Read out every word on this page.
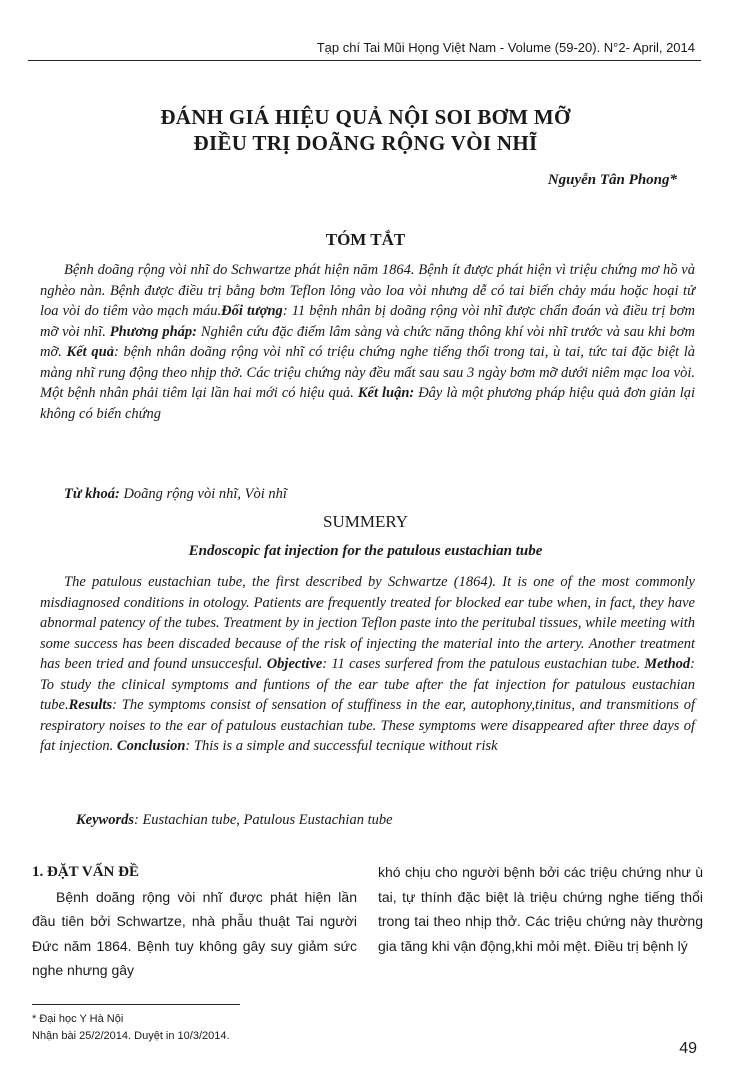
Tạp chí Tai Mũi Họng Việt Nam - Volume (59-20). N°2- April, 2014
ĐÁNH GIÁ HIỆU QUẢ NỘI SOI BƠM MỠ
ĐIỀU TRỊ DOÃNG RỘNG VÒI NHĨ
Nguyễn Tân Phong*
TÓM TẮT
Bệnh doãng rộng vòi nhĩ do Schwartze phát hiện năm 1864. Bệnh ít được phát hiện vì triệu chứng mơ hồ và nghèo nàn. Bệnh được điều trị bằng bơm Teflon lỏng vào loa vòi nhưng dễ có tai biến chảy máu hoặc hoại tử loa vòi do tiêm vào mạch máu.Đối tượng: 11 bệnh nhân bị doãng rộng vòi nhĩ được chẩn đoán và điều trị bơm mỡ vòi nhĩ. Phương pháp: Nghiên cứu đặc điểm lâm sàng và chức năng thông khí vòi nhĩ trước và sau khi bơm mỡ. Kết quả: bệnh nhân doãng rộng vòi nhĩ có triệu chứng nghe tiếng thổi trong tai, ù tai, tức tai đặc biệt là màng nhĩ rung động theo nhịp thở. Các triệu chứng này đều mất sau sau 3 ngày bơm mỡ dưới niêm mạc loa vòi. Một bệnh nhân phải tiêm lại lần hai mới có hiệu quả. Kết luận: Đây là một phương pháp hiệu quả đơn giản lại không có biến chứng
Từ khoá: Doãng rộng vòi nhĩ, Vòi nhĩ
SUMMERY
Endoscopic fat injection for the patulous eustachian tube
The patulous eustachian tube, the first described by Schwartze (1864). It is one of the most commonly misdiagnosed conditions in otology. Patients are frequently treated for blocked ear tube when, in fact, they have abnormal patency of the tubes. Treatment by in jection Teflon paste into the peritubal tissues, while meeting with some success has been discaded because of the risk of injecting the material into the artery. Another treatment has been tried and found unsuccesful. Objective: 11 cases surfered from the patulous eustachian tube. Method: To study the clinical symptoms and funtions of the ear tube after the fat injection for patulous eustachian tube.Results: The symptoms consist of sensation of stuffiness in the ear, autophony,tinitus, and transmitions of respiratory noises to the ear of patulous eustachian tube. These symptoms were disappeared after three days of fat injection. Conclusion: This is a simple and successful tecnique without risk
Keywords: Eustachian tube, Patulous Eustachian tube
1. ĐẶT VẤN ĐỀ
Bệnh doãng rộng vòi nhĩ được phát hiện lần đầu tiên bởi Schwartze, nhà phẫu thuật Tai người Đức năm 1864. Bệnh tuy không gây suy giảm sức nghe nhưng gây
khó chịu cho người bệnh bởi các triệu chứng như ù tai, tự thính đặc biệt là triệu chứng nghe tiếng thổi trong tai theo nhịp thở. Các triệu chứng này thường gia tăng khi vận động,khi mỏi mệt. Điều trị bệnh lý
* Đại học Y Hà Nội
Nhận bài 25/2/2014. Duyệt in 10/3/2014.
49
